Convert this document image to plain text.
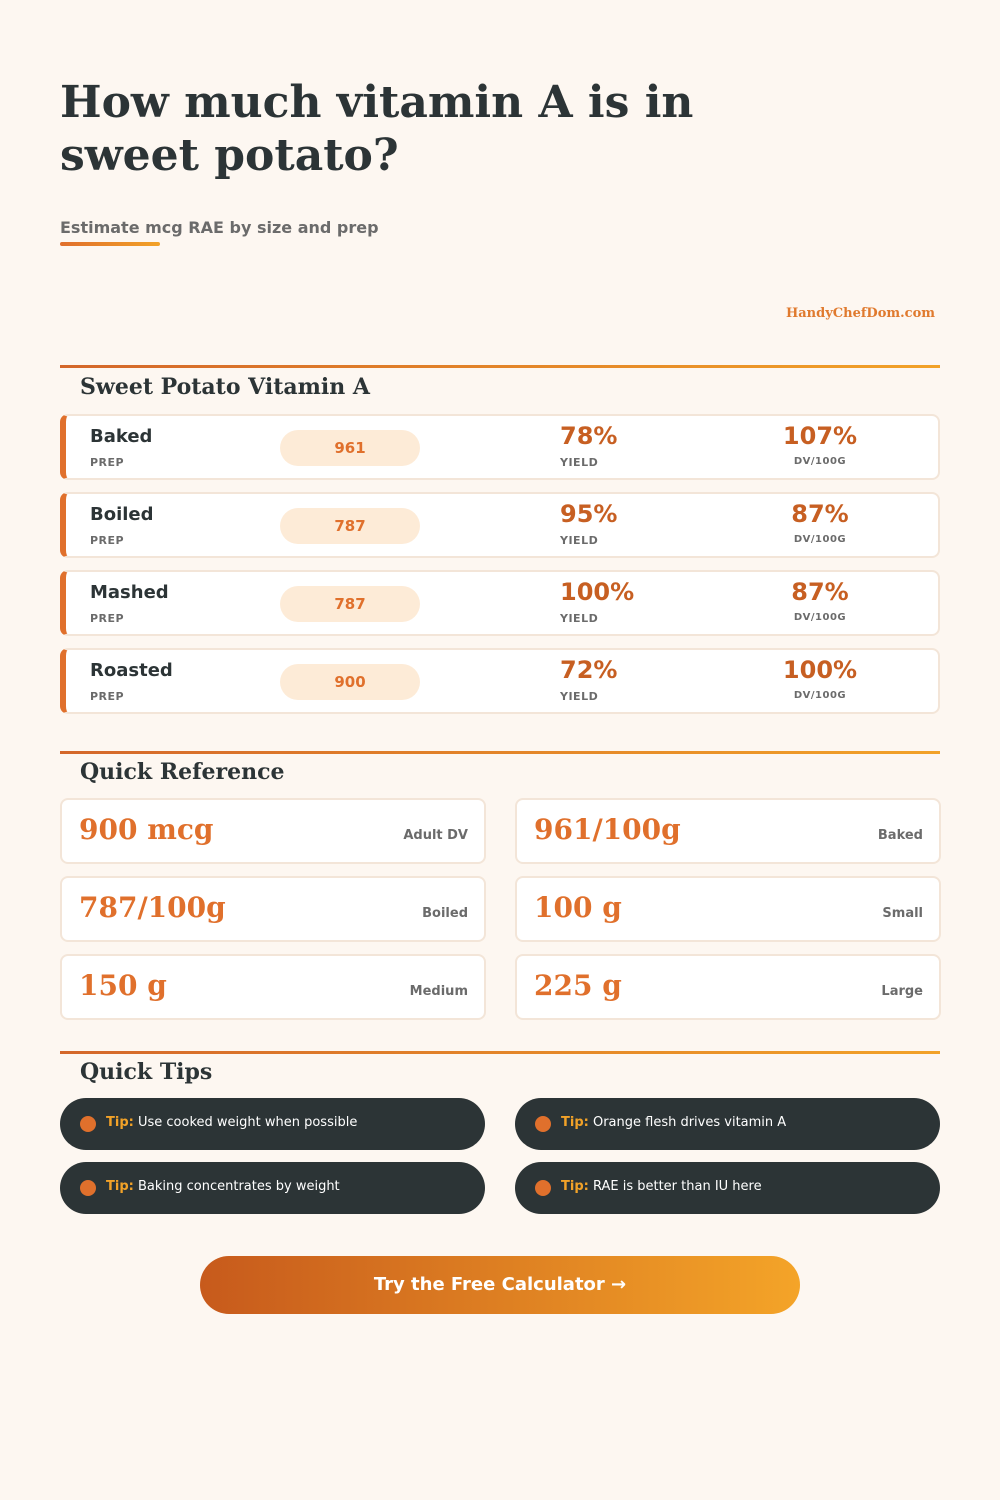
How much vitamin A is in sweet potato?
Estimate mcg RAE by size and prep
HandyChefDom.com
Sweet Potato Vitamin A
Baked
PREP
961	78%
YIELD
107%
DV/100G
Boiled
PREP
787	95%
YIELD
87%
DV/100G
Mashed
PREP
787	100%
YIELD
87%
DV/100G
Roasted
PREP
900	72%
YIELD
100%
DV/100G
Quick Reference
900 mcg	Adult DV 961/100g	Baked
787/100g	Boiled 100 g	Small
150 g	Medium 225 g	Large
Quick Tips
Tip: Use cooked weight when possible	Tip: Orange flesh drives vitamin A
Tip: Baking concentrates by weight	Tip: RAE is better than IU here
Try the Free Calculator →
